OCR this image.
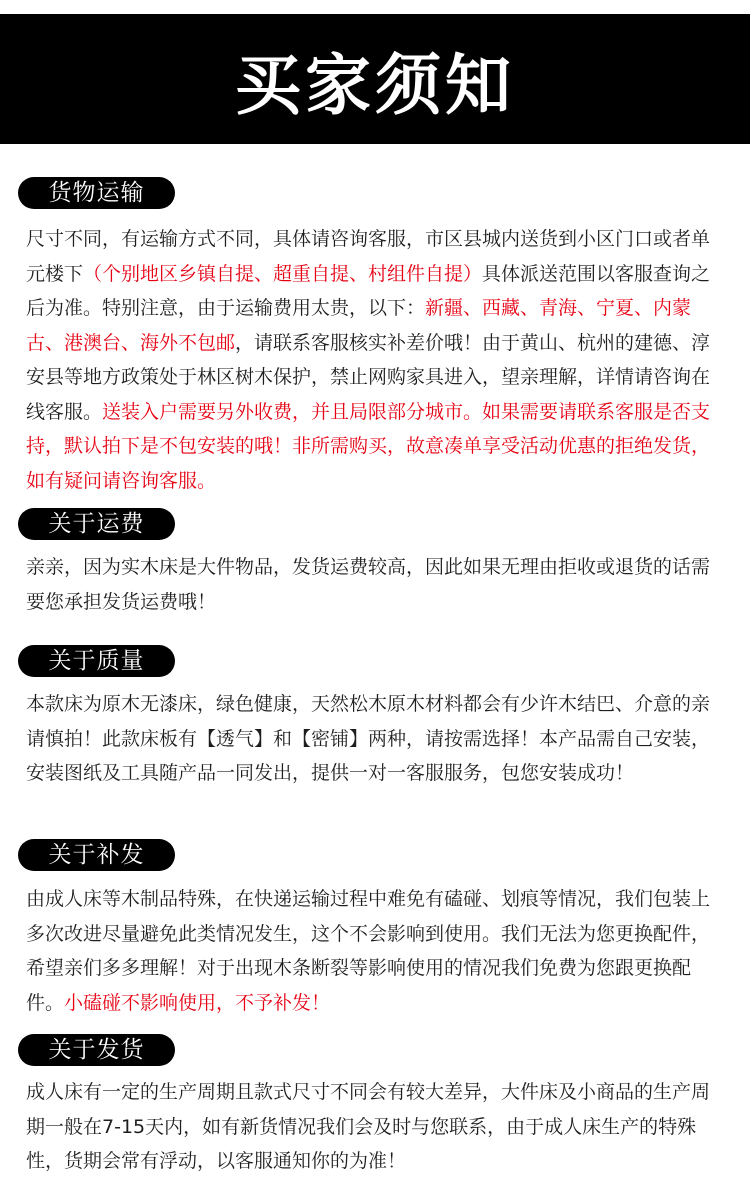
买家须知
货物运输

尺寸不同，有运输方式不同，具体请咨询客服，市区县城内送货到小区门口或者单元楼下（个别地区乡镇自提、超重自提、村组件自提）具体派送范围以客服查询之后为准。特别注意，由于运输费用太贵，以下：新疆、西藏、青海、宁夏、内蒙古、港澳台、海外不包邮，请联系客服核实补差价哦！由于黄山、杭州的建德、淳安县等地方政策处于林区树木保护，禁止网购家具进入，望亲理解，详情请咨询在线客服。送装入户需要另外收费，并且局限部分城市。如果需要请联系客服是否支持，默认拍下是不包安装的哦！非所需购买，故意凑单享受活动优惠的拒绝发货，如有疑问请咨询客服。

关于运费

亲亲，因为实木床是大件物品，发货运费较高，因此如果无理由拒收或退货的话需要您承担发货运费哦！

关于质量

本款床为原木无漆床，绿色健康，天然松木原木材料都会有少许木结巴、介意的亲请慎拍！此款床板有【透气】和【密铺】两种，请按需选择！本产品需自己安装，安装图纸及工具随产品一同发出，提供一对一客服服务，包您安装成功！

关于补发

由成人床等木制品特殊，在快递运输过程中难免有磕碰、划痕等情况，我们包装上多次改进尽量避免此类情况发生，这个不会影响到使用。我们无法为您更换配件，希望亲们多多理解！对于出现木条断裂等影响使用的情况我们免费为您跟更换配件。小磕碰不影响使用，不予补发！

关于发货

成人床有一定的生产周期且款式尺寸不同会有较大差异，大件床及小商品的生产周期一般在7-15天内，如有新货情况我们会及时与您联系，由于成人床生产的特殊性，货期会常有浮动，以客服通知你的为准！
